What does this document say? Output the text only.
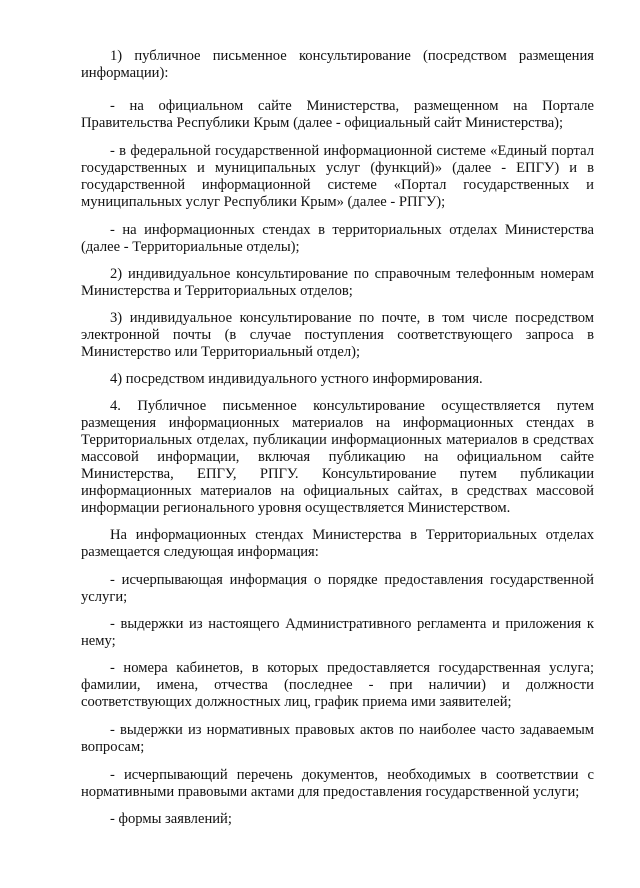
1) публичное письменное консультирование (посредством размещения информации):

- на официальном сайте Министерства, размещенном на Портале Правительства Республики Крым (далее - официальный сайт Министерства);

- в федеральной государственной информационной системе «Единый портал государственных и муниципальных услуг (функций)» (далее - ЕПГУ) и в государственной информационной системе «Портал государственных и муниципальных услуг Республики Крым» (далее - РПГУ);

- на информационных стендах в территориальных отделах Министерства (далее - Территориальные отделы);

2) индивидуальное консультирование по справочным телефонным номерам Министерства и Территориальных отделов;

3) индивидуальное консультирование по почте, в том числе посредством электронной почты (в случае поступления соответствующего запроса в Министерство или Территориальный отдел);

4) посредством индивидуального устного информирования.

4. Публичное письменное консультирование осуществляется путем размещения информационных материалов на информационных стендах в Территориальных отделах, публикации информационных материалов в средствах массовой информации, включая публикацию на официальном сайте Министерства, ЕПГУ, РПГУ. Консультирование путем публикации информационных материалов на официальных сайтах, в средствах массовой информации регионального уровня осуществляется Министерством.

На информационных стендах Министерства в Территориальных отделах размещается следующая информация:

- исчерпывающая информация о порядке предоставления государственной услуги;

- выдержки из настоящего Административного регламента и приложения к нему;

- номера кабинетов, в которых предоставляется государственная услуга; фамилии, имена, отчества (последнее - при наличии) и должности соответствующих должностных лиц, график приема ими заявителей;

- выдержки из нормативных правовых актов по наиболее часто задаваемым вопросам;

- исчерпывающий перечень документов, необходимых в соответствии с нормативными правовыми актами для предоставления государственной услуги;

- формы заявлений;
